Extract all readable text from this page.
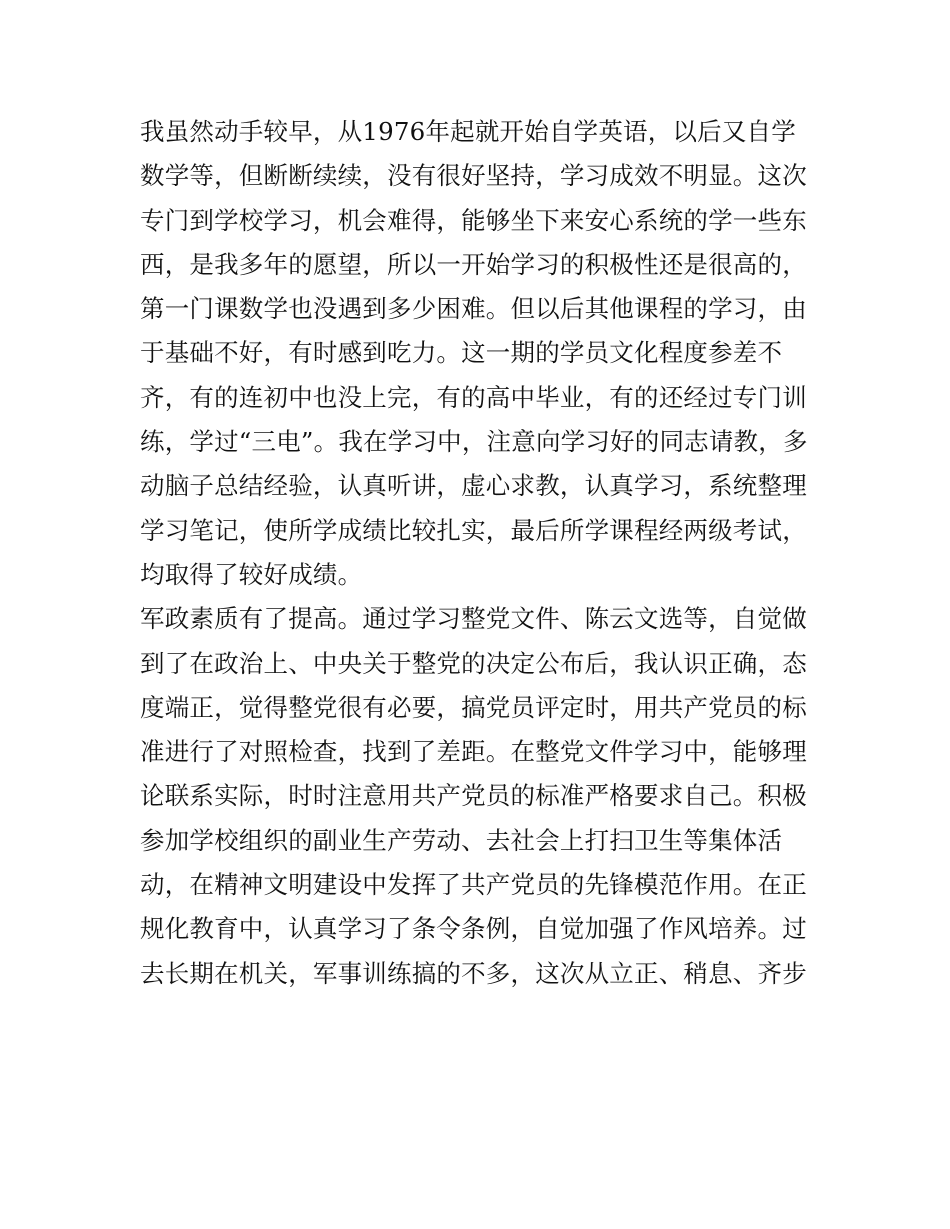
我虽然动手较早，从1976年起就开始自学英语，以后又自学
数学等，但断断续续，没有很好坚持，学习成效不明显。这次
专门到学校学习，机会难得，能够坐下来安心系统的学一些东
西，是我多年的愿望，所以一开始学习的积极性还是很高的，
第一门课数学也没遇到多少困难。但以后其他课程的学习，由
于基础不好，有时感到吃力。这一期的学员文化程度参差不
齐，有的连初中也没上完，有的高中毕业，有的还经过专门训
练，学过“三电”。我在学习中，注意向学习好的同志请教，多
动脑子总结经验，认真听讲，虚心求教，认真学习，系统整理
学习笔记，使所学成绩比较扎实，最后所学课程经两级考试，
均取得了较好成绩。
军政素质有了提高。通过学习整党文件、陈云文选等，自觉做
到了在政治上、中央关于整党的决定公布后，我认识正确，态
度端正，觉得整党很有必要，搞党员评定时，用共产党员的标
准进行了对照检查，找到了差距。在整党文件学习中，能够理
论联系实际，时时注意用共产党员的标准严格要求自己。积极
参加学校组织的副业生产劳动、去社会上打扫卫生等集体活
动，在精神文明建设中发挥了共产党员的先锋模范作用。在正
规化教育中，认真学习了条令条例，自觉加强了作风培养。过
去长期在机关，军事训练搞的不多，这次从立正、稍息、齐步
